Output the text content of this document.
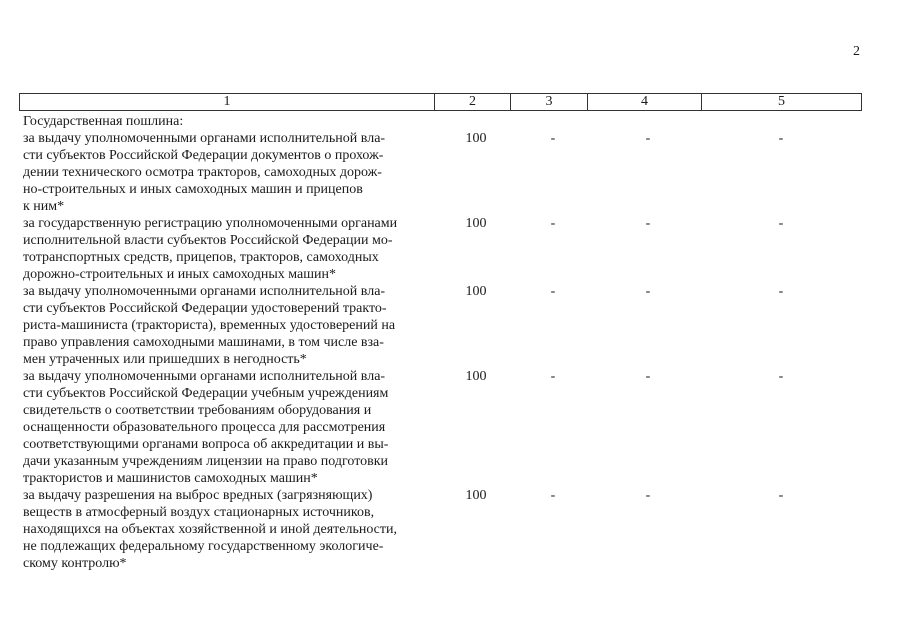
2
1	2	3	4	5

Государственная пошлина:

за выдачу уполномоченными органами исполнительной вла-
сти субъектов Российской Федерации документов о прохож-
дении технического осмотра тракторов, самоходных дорож-
но-строительных и иных самоходных машин и прицепов
к ним*

100	-	-	-

за государственную регистрацию уполномоченными органами
исполнительной власти субъектов Российской Федерации мо-
тотранспортных средств, прицепов, тракторов, самоходных
дорожно-строительных и иных самоходных машин*

100	-	-	-

за выдачу уполномоченными органами исполнительной вла-
сти субъектов Российской Федерации удостоверений тракто-
риста-машиниста (тракториста), временных удостоверений на
право управления самоходными машинами, в том числе взa-
мен утраченных или пришедших в негодность*

100	-	-	-

за выдачу уполномоченными органами исполнительной вла-
сти субъектов Российской Федерации учебным учреждениям
свидетельств о соответствии требованиям оборудования и
оснащенности образовательного процесса для рассмотрения
соответствующими органами вопроса об аккредитации и вы-
дачи указанным учреждениям лицензии на право подготовки
трактористов и машинистов самоходных машин*

100	-	-	-

за выдачу разрешения на выброс вредных (загрязняющих)
веществ в атмосферный воздух стационарных источников,
находящихся на объектах хозяйственной и иной деятельности,
не подлежащих федеральному государственному экологиче-
скому контролю*

100	-	-	-
